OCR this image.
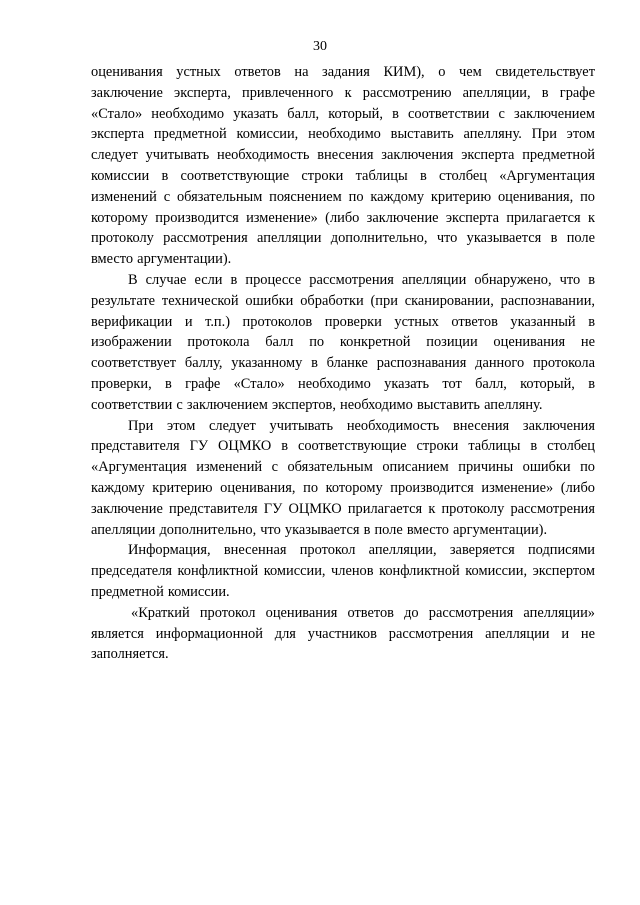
30

оценивания устных ответов на задания КИМ), о чем свидетельствует заключение эксперта, привлеченного к рассмотрению апелляции, в графе «Стало» необходимо указать балл, который, в соответствии с заключением эксперта предметной комиссии, необходимо выставить апелляну. При этом следует учитывать необходимость внесения заключения эксперта предметной комиссии в соответствующие строки таблицы в столбец «Аргументация изменений с обязательным пояснением по каждому критерию оценивания, по которому производится изменение» (либо заключение эксперта прилагается к протоколу рассмотрения апелляции дополнительно, что указывается в поле вместо аргументации).

В случае если в процессе рассмотрения апелляции обнаружено, что в результате технической ошибки обработки (при сканировании, распознавании, верификации и т.п.) протоколов проверки устных ответов указанный в изображении протокола балл по конкретной позиции оценивания не соответствует баллу, указанному в бланке распознавания данного протокола проверки, в графе «Стало» необходимо указать тот балл, который, в соответствии с заключением экспертов, необходимо выставить апелляну.

При этом следует учитывать необходимость внесения заключения представителя ГУ ОЦМКО в соответствующие строки таблицы в столбец «Аргументация изменений с обязательным описанием причины ошибки по каждому критерию оценивания, по которому производится изменение» (либо заключение представителя ГУ ОЦМКО прилагается к протоколу рассмотрения апелляции дополнительно, что указывается в поле вместо аргументации).

Информация, внесенная протокол апелляции, заверяется подписями председателя конфликтной комиссии, членов конфликтной комиссии, экспертом предметной комиссии.

«Краткий протокол оценивания ответов до рассмотрения апелляции» является информационной для участников рассмотрения апелляции и не заполняется.
